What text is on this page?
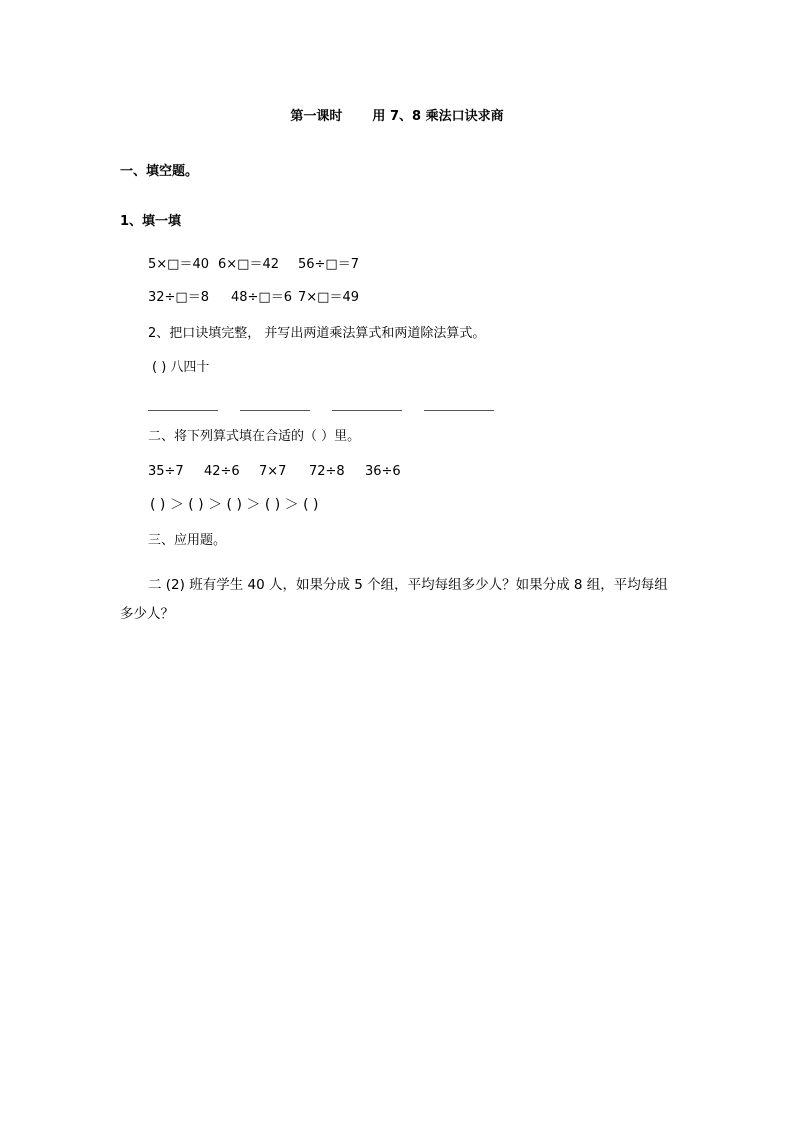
第一课时 用 7、8 乘法口诀求商
一、填空题。
1、填一填
5×□＝40 6×□＝42 56÷□＝7
32÷□＝8 48÷□＝6 7×□＝49
2、把口诀填完整， 并写出两道乘法算式和两道除法算式。
( ) 八四十
二、将下列算式填在合适的（ ）里。
35÷7 42÷6 7×7 72÷8 36÷6
( ) ＞ ( ) ＞ ( ) ＞ ( ) ＞ ( )
三、应用题。
二 (2) 班有学生 40 人，如果分成 5 个组，平均每组多少人？如果分成 8 组，平均每组多少人？
